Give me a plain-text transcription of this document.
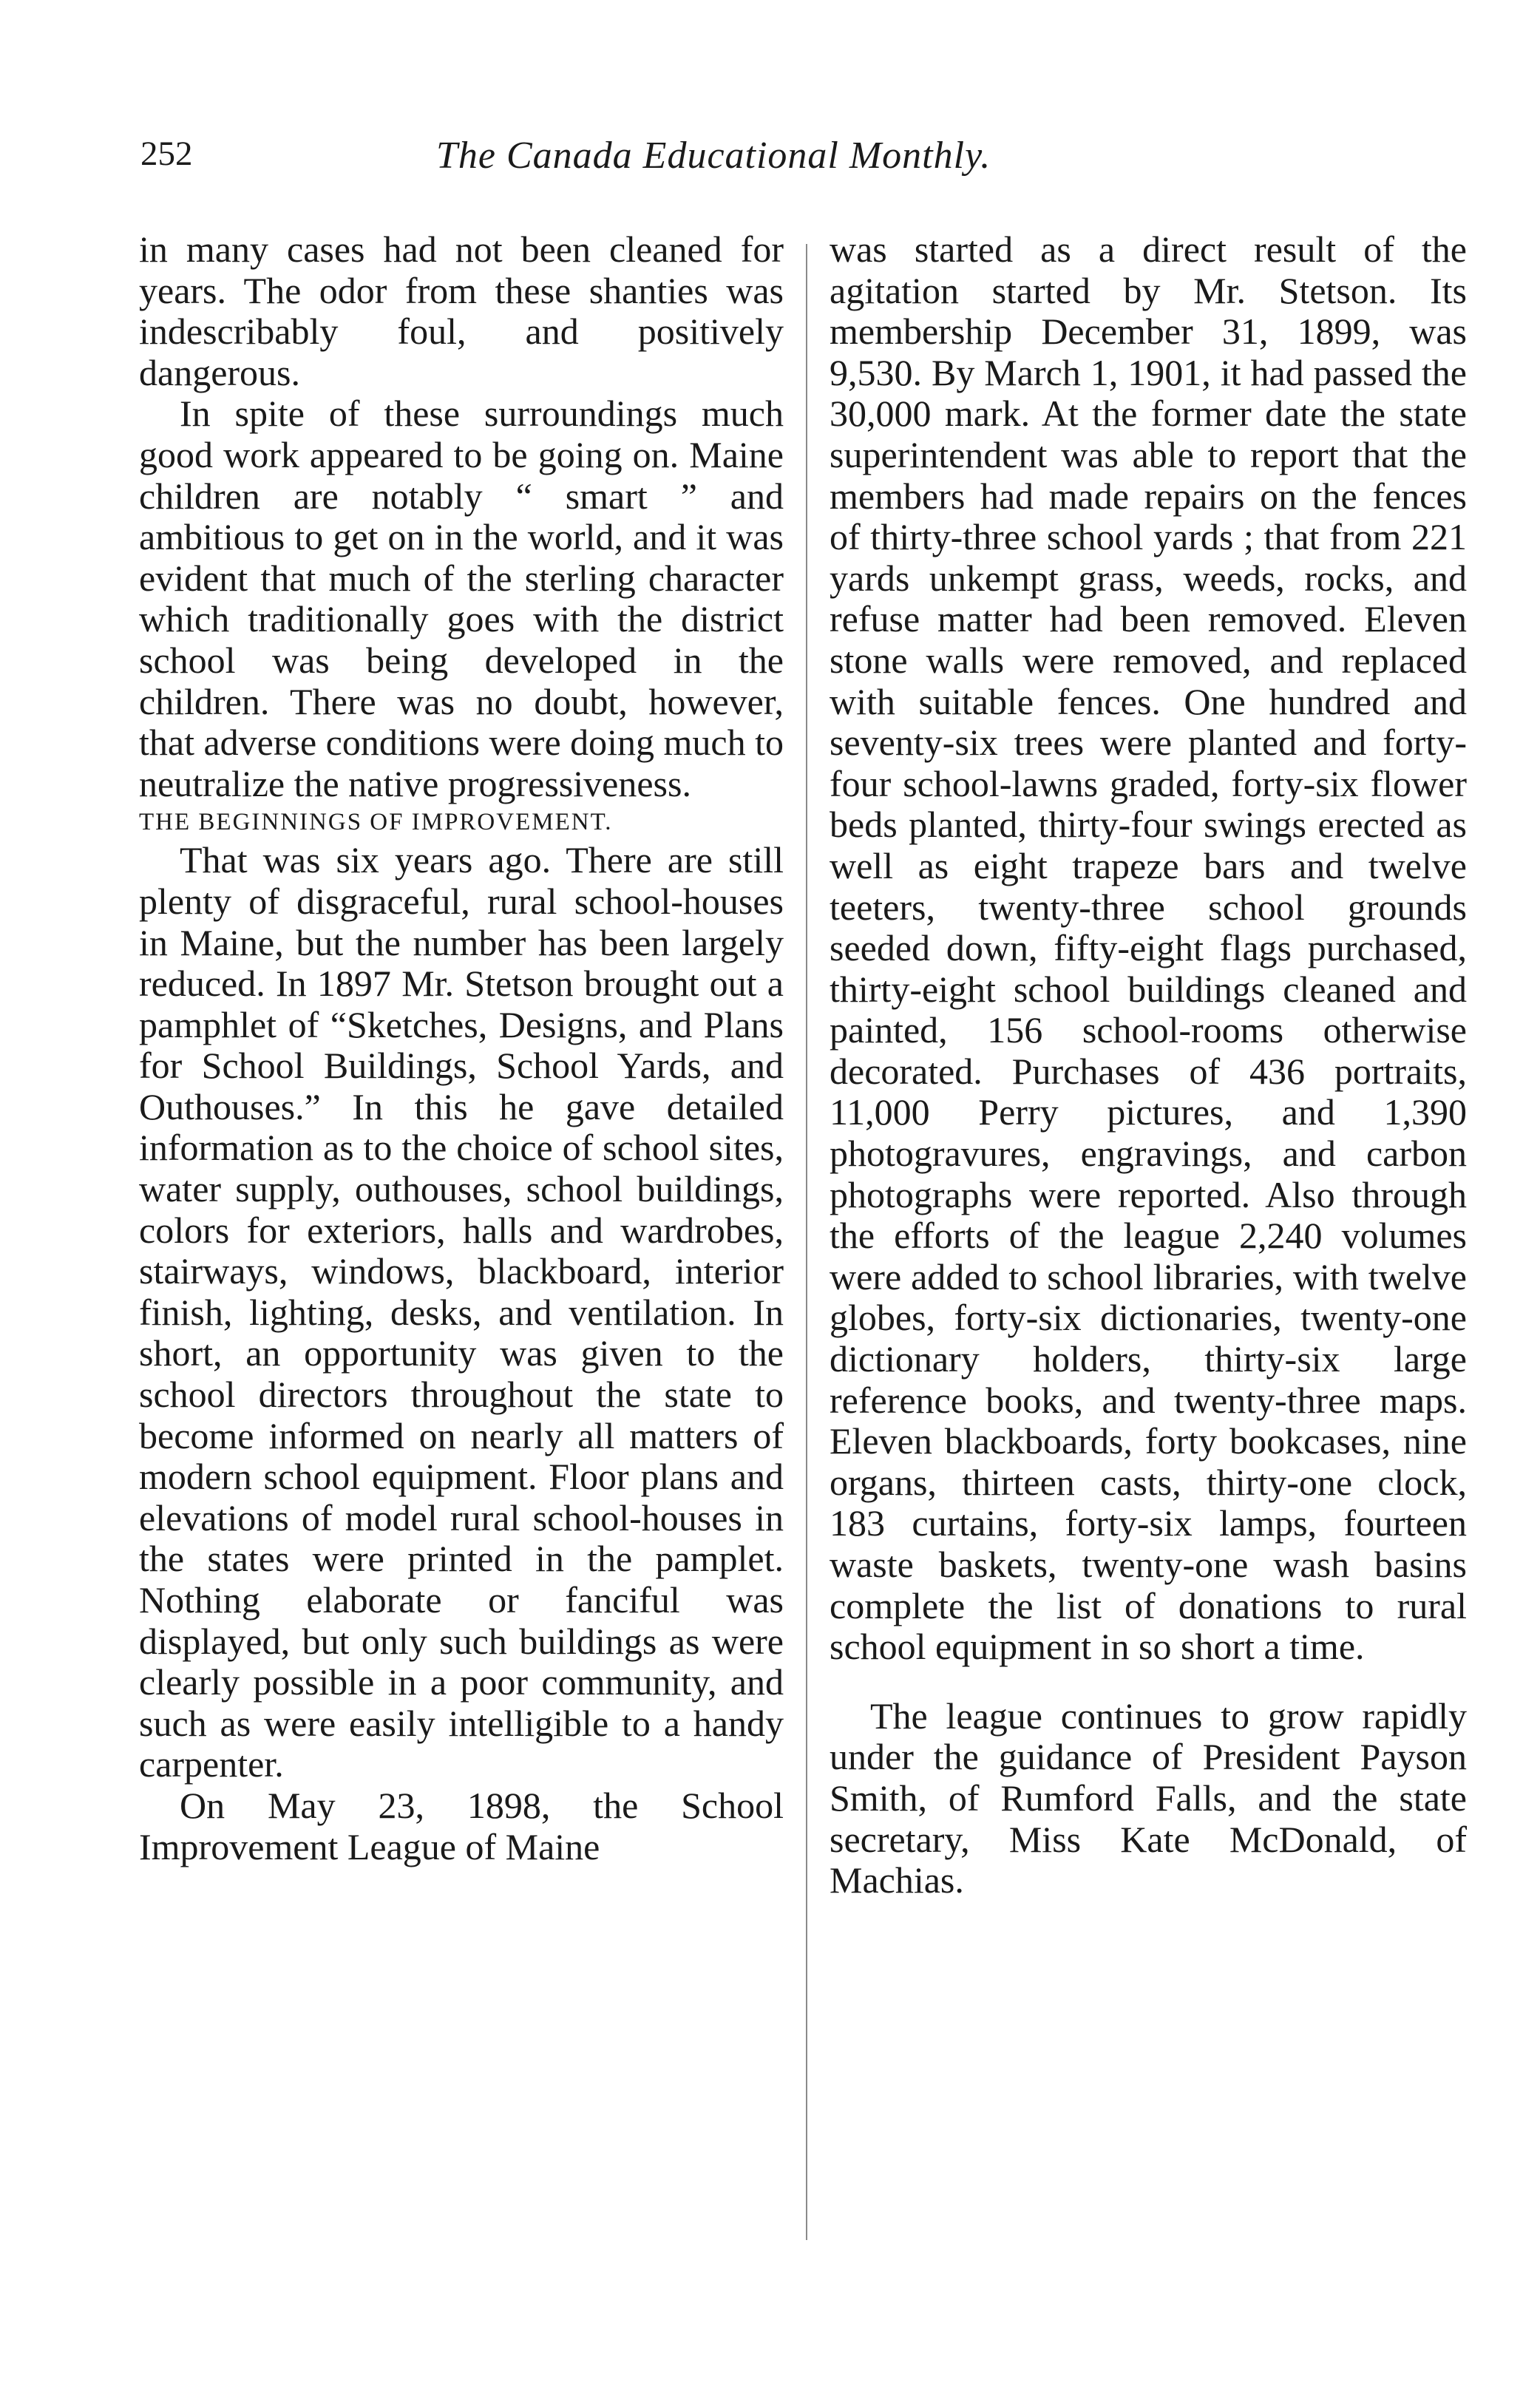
252	The Canada Educational Monthly.

in many cases had not been cleaned for years. The odor from these shanties was indescribably foul, and positively dangerous.

In spite of these surroundings much good work appeared to be going on. Maine children are notably “ smart ” and ambitious to get on in the world, and it was evident that much of the sterling character which traditionally goes with the district school was being developed in the children. There was no doubt, however, that adverse conditions were doing much to neutralize the native progressiveness.

THE BEGINNINGS OF IMPROVEMENT.

That was six years ago. There are still plenty of disgraceful, rural school-houses in Maine, but the number has been largely reduced. In 1897 Mr. Stetson brought out a pamphlet of “Sketches, Designs, and Plans for School Buildings, School Yards, and Outhouses.” In this he gave detailed information as to the choice of school sites, water supply, outhouses, school buildings, colors for exteriors, halls and wardrobes, stairways, windows, blackboard, interior finish, lighting, desks, and ventilation. In short, an opportunity was given to the school directors throughout the state to become informed on nearly all matters of modern school equipment. Floor plans and elevations of model rural school-houses in the states were printed in the pamplet. Nothing elaborate or fanciful was displayed, but only such buildings as were clearly possible in a poor community, and such as were easily intelligible to a handy carpenter.

On May 23, 1898, the School Improvement League of Maine

was started as a direct result of the agitation started by Mr. Stetson. Its membership December 31, 1899, was 9,530. By March 1, 1901, it had passed the 30,000 mark. At the former date the state superintendent was able to report that the members had made repairs on the fences of thirty-three school yards ; that from 221 yards unkempt grass, weeds, rocks, and refuse matter had been removed. Eleven stone walls were removed, and replaced with suitable fences. One hundred and seventy-six trees were planted and forty-four school-lawns graded, forty-six flower beds planted, thirty-four swings erected as well as eight trapeze bars and twelve teeters, twenty-three school grounds seeded down, fifty-eight flags purchased, thirty-eight school buildings cleaned and painted, 156 school-rooms otherwise decorated. Purchases of 436 portraits, 11,000 Perry pictures, and 1,390 photogravures, engravings, and carbon photographs were reported. Also through the efforts of the league 2,240 volumes were added to school libraries, with twelve globes, forty-six dictionaries, twenty-one dictionary holders, thirty-six large reference books, and twenty-three maps. Eleven blackboards, forty bookcases, nine organs, thirteen casts, thirty-one clock, 183 curtains, forty-six lamps, fourteen waste baskets, twenty-one wash basins complete the list of donations to rural school equipment in so short a time.

The league continues to grow rapidly under the guidance of President Payson Smith, of Rumford Falls, and the state secretary, Miss Kate McDonald, of Machias.
